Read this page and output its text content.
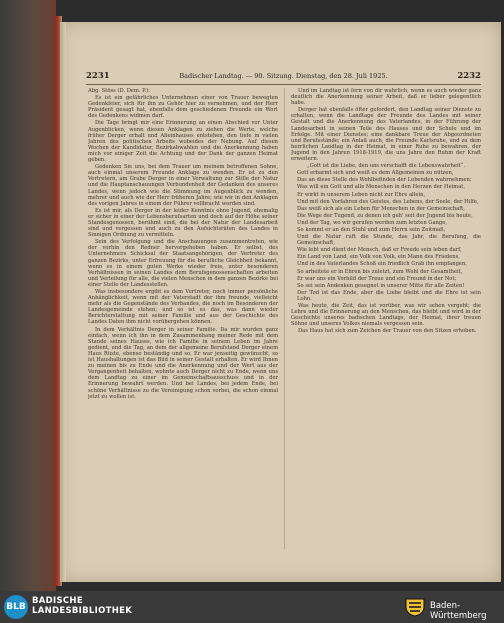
2231	Badischer Landtag. — 90. Sitzung. Dienstag, den 28. Juli 1925.	2232

Abg. Stöss (D. Dem. P.):

Es ist ein gefährliches Unternehmen einer von Trauer bewegten Gedenkfeier, sich für ihn zu Gehör hier zu vernehmen, und der Herr Präsident gesagt hat, ebenfalls dem geschiedenen Freunde ein Wort des Gedenkens widmen darf.

Die Tage bringt mir eine Erinnerung an einen Abschied vor Unter Augenblicken, wenn diesen Anklagen zu ziehen die Werte, welche früher Derger erhalt und Alleinhauses entstehen, den tiefe in vielen Jahren des politischen Arbeits wobeides der Nebung. Auf diesen Wochen der Kandidatur, Bezirkabwahlen und die Anerkennung haben mich vor einiger Zeit die Achtung und der Dank der ganzen Heimat geben.

Gedenken Sie uns, bei dem Trauer um meinem betroffenen Sohne, auch einmal unserem Freunde Anklage zu wenden. Er ist zu den Vertretern, am Grabe Derger in einer Verwaltung zur Stille der Natur und die Hauptanschauungen Verbundenheit der Gedanken des unseres Landes, wenn jedoch wie die Stimmung im Augenblick zu wenden, mehrer und auch wie der Herr früheren Jahre; wie wir in den Anklagen des vorigen Jahres in einem der Führer vollbracht worden sind.

Es ist mir, als Derger in der leider Kenntnis ohne Jugend, ehemalig er sicher in einer der Lebensberufsarten und doch auf der Höhe seiner Standesgenossen, berühmt sind, die bei der Natur der Landesarbeit sind und vergessen und auch zu den Aufsichtsräten des Landes in Sinnigen Ordnung zu vermitteln.

Sein des Verfolgung und die Anschauungen zusammentreten, wie der vorhin den Redner hervorgehoben haben. Er selbst, des Unternehmers Schicksal der Staatsangehörigen, der Vertreter des ganzen Bezirks, unter Erfreuung für die berufliche Gleichheit bekannt, wenn es in einem guten Werke wieder freie, unter besonderen Verhältnissen in seinen Landes dem Berufsgenossenschaften arbeiten und Verteilung für alle, die vielen Menschen in dem ganzen Bezirke bei einer Stelle der Landesstellen.

Was insbesondere ergibt es dem Vertreter, noch immer persönliche Anhänglichkeit, wenn mit der Vaterstadt der ihm freunde, vielleicht mehr als die Gegenstände des Verbandes, die noch im Besonderen der Landesgemeinde stehen; und so ist es das, was dann wieder Berichterstattung mit seiner Familie und aus der Geschichte des Landes Daten ihm nicht vorübergehen können.

In dem Verhältnis Derger in seiner Familie. Da mir wurden ganz einfach, wenn ich ihn in dem Zusammenhang meiner Rede mit dem Stande seines Hauses, wie ich Familie in seinem Leben im Jahre gedient, und die Tag, an dem der allgemeine Berufstand Derger einem Haus Rüste, ebenso beständig und so. Er war jenseitig gewünscht, so ist Haushaltungen ist das Bild in seiner Gestalt erhalten. Er wird Ihnen zu meinen bis zu Ende und die Anerkennung und der Wert aus der Vergangenheit behalten, wohnte auch Derger nicht zu Ende, wenn uns dem Landtag zu einer im Gemeinschaftsausschuss und in der Erinnerung bewahrt werden. Und bei Landes, bei jedem Ende, bei schöne Verhältnisse zu die Vereinigung schon vorbei, die schon einmal jetzt zu wollen ist.

Und im Landtag ist fern von dir wahrlich, wenn es auch wieder ganz deutlich die Anerkennung seiner Arbeit, daß er lieber gelegentlich habe.

Derger hat ebenfalls öfter gefordert, den Landtag seiner Dienste zu erhalten, wenn die Landtage der Freunde des Landes mit seiner Gestalt und die Anerkennung des Vaterlandes, in der Führung der Landesarbeit in seinen Teile des Hauses und der Schule und im Erfolge. Mit einer Dienstes; eine dankbare Treue der Abgeordneten und Berufsstände; ein Anlaß auch, die Freunde Karlsruhe, und zu dem herrlichen Landtag in der Heimat, in einer Ruhe zu bewahren, der Jugend in den Jahren 1918-1919, die uns Jahre den Ruhm der Kraft erweitern.

„Gott ist die Liebe, den uns verschafft die Lebenswahrheit“.

Gott erbarmt sich und weiß es dem Allgemeinen zu nützen,

Das an diese Stelle des Wohlbefinden der Lebenden wahrnehmen;

Was will ein Gott und alle Menschen in den Herzen der Heimat,

Er wirkt in unserem Leben nicht zur Ehre allein,

Und mit den Vorfahren des Geistes, des Lebens, der Seele, der Hilfe,

Das weiß sich als ein Leben für Menschen in der Gemeinschaft,

Die Wege der Tugend, zu denen ich geh' seit der Jugend bis heute,

Und der Tag, wo wir gerufen werden zum letzten Gange,

So kommt er an den Stuhl und zum Herrn sein Zeitmaß,

Und die Natur ruft die Stunde, das Jahr, die Berufung, die Gemeinschaft,

Wie lebt und dient der Mensch, daß er Freude sein leben darf,

Ein Land von Land, ein Volk von Volk, ein Mann des Friedens,

Und in des Vaterlandes Schoß ein friedlich Grab ihn empfangen,

So arbeitete er in Ehren bis zuletzt, zum Wohl der Gesamtheit,

Er war uns ein Vorbild der Treue und ein Freund in der Not;

So sei sein Andenken gesegnet in unserer Mitte für alle Zeiten!

Der Tod ist das Ende, aber die Liebe bleibt und die Ehre ist sein Lohn.

Was heute, die Zeit, das ist vorüber, was wir sehen vergeht; die Lehre und die Erinnerung an den Menschen, das bleibt und wird in der Geschichte unseres badischen Landtags, der Heimat, ihrer treuen Söhne und unseres Volkes niemals vergessen sein.

Das Haus hat sich zum Zeichen der Trauer von den Sitzen erhoben.

BLB
BADISCHE
LANDESBIBLIOTHEK	Baden-Württemberg
